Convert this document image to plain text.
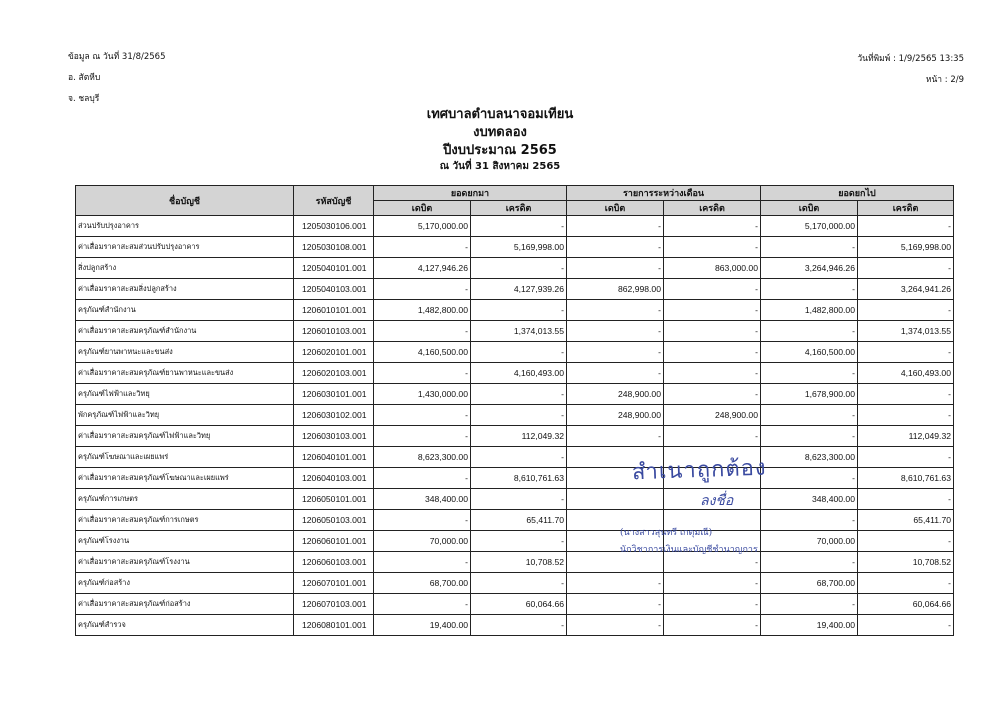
ข้อมูล ณ วันที่ 31/8/2565
อ. สัตหีบ
จ. ชลบุรี
วันที่พิมพ์ : 1/9/2565 13:35
หน้า : 2/9
เทศบาลตำบลนาจอมเทียน
งบทดลอง
ปีงบประมาณ 2565
ณ วันที่ 31 สิงหาคม 2565
ชื่อบัญชี	รหัสบัญชี	ยอดยกมา		รายการระหว่างเดือน		ยอดยกไป	
		เดบิต	เครดิต	เดบิต	เครดิต	เดบิต	เครดิต
ส่วนปรับปรุงอาคาร	1205030106.001	5,170,000.00	-	-	-	5,170,000.00	-
ค่าเสื่อมราคาสะสมส่วนปรับปรุงอาคาร	1205030108.001	-	5,169,998.00	-	-	-	5,169,998.00
สิ่งปลูกสร้าง	1205040101.001	4,127,946.26	-	-	863,000.00	3,264,946.26	-
ค่าเสื่อมราคาสะสมสิ่งปลูกสร้าง	1205040103.001	-	4,127,939.26	862,998.00	-	-	3,264,941.26
ครุภัณฑ์สำนักงาน	1206010101.001	1,482,800.00	-	-	-	1,482,800.00	-
ค่าเสื่อมราคาสะสมครุภัณฑ์สำนักงาน	1206010103.001	-	1,374,013.55	-	-	-	1,374,013.55
ครุภัณฑ์ยานพาหนะและขนส่ง	1206020101.001	4,160,500.00	-	-	-	4,160,500.00	-
ค่าเสื่อมราคาสะสมครุภัณฑ์ยานพาหนะและขนส่ง	1206020103.001	-	4,160,493.00	-	-	-	4,160,493.00
ครุภัณฑ์ไฟฟ้าและวิทยุ	1206030101.001	1,430,000.00	-	248,900.00	-	1,678,900.00	-
พักครุภัณฑ์ไฟฟ้าและวิทยุ	1206030102.001	-	-	248,900.00	248,900.00	-	-
ค่าเสื่อมราคาสะสมครุภัณฑ์ไฟฟ้าและวิทยุ	1206030103.001	-	112,049.32	-	-	-	112,049.32
ครุภัณฑ์โฆษณาและเผยแพร่	1206040101.001	8,623,300.00	-			8,623,300.00	-
ค่าเสื่อมราคาสะสมครุภัณฑ์โฆษณาและเผยแพร่	1206040103.001	-	8,610,761.63			-	8,610,761.63
ครุภัณฑ์การเกษตร	1206050101.001	348,400.00	-			348,400.00	-
ค่าเสื่อมราคาสะสมครุภัณฑ์การเกษตร	1206050103.001	-	65,411.70			-	65,411.70
ครุภัณฑ์โรงงาน	1206060101.001	70,000.00	-			70,000.00	-
ค่าเสื่อมราคาสะสมครุภัณฑ์โรงงาน	1206060103.001	-	10,708.52		-	-	10,708.52
ครุภัณฑ์ก่อสร้าง	1206070101.001	68,700.00	-	-	-	68,700.00	-
ค่าเสื่อมราคาสะสมครุภัณฑ์ก่อสร้าง	1206070103.001	-	60,064.66	-	-	-	60,064.66
ครุภัณฑ์สำรวจ	1206080101.001	19,400.00	-	-	-	19,400.00	-
สำเนาถูกต้อง
ลงชื่อ
(นางสาวสุนทรี เกตุมณี)
นักวิชาการเงินและบัญชีชำนาญการ
